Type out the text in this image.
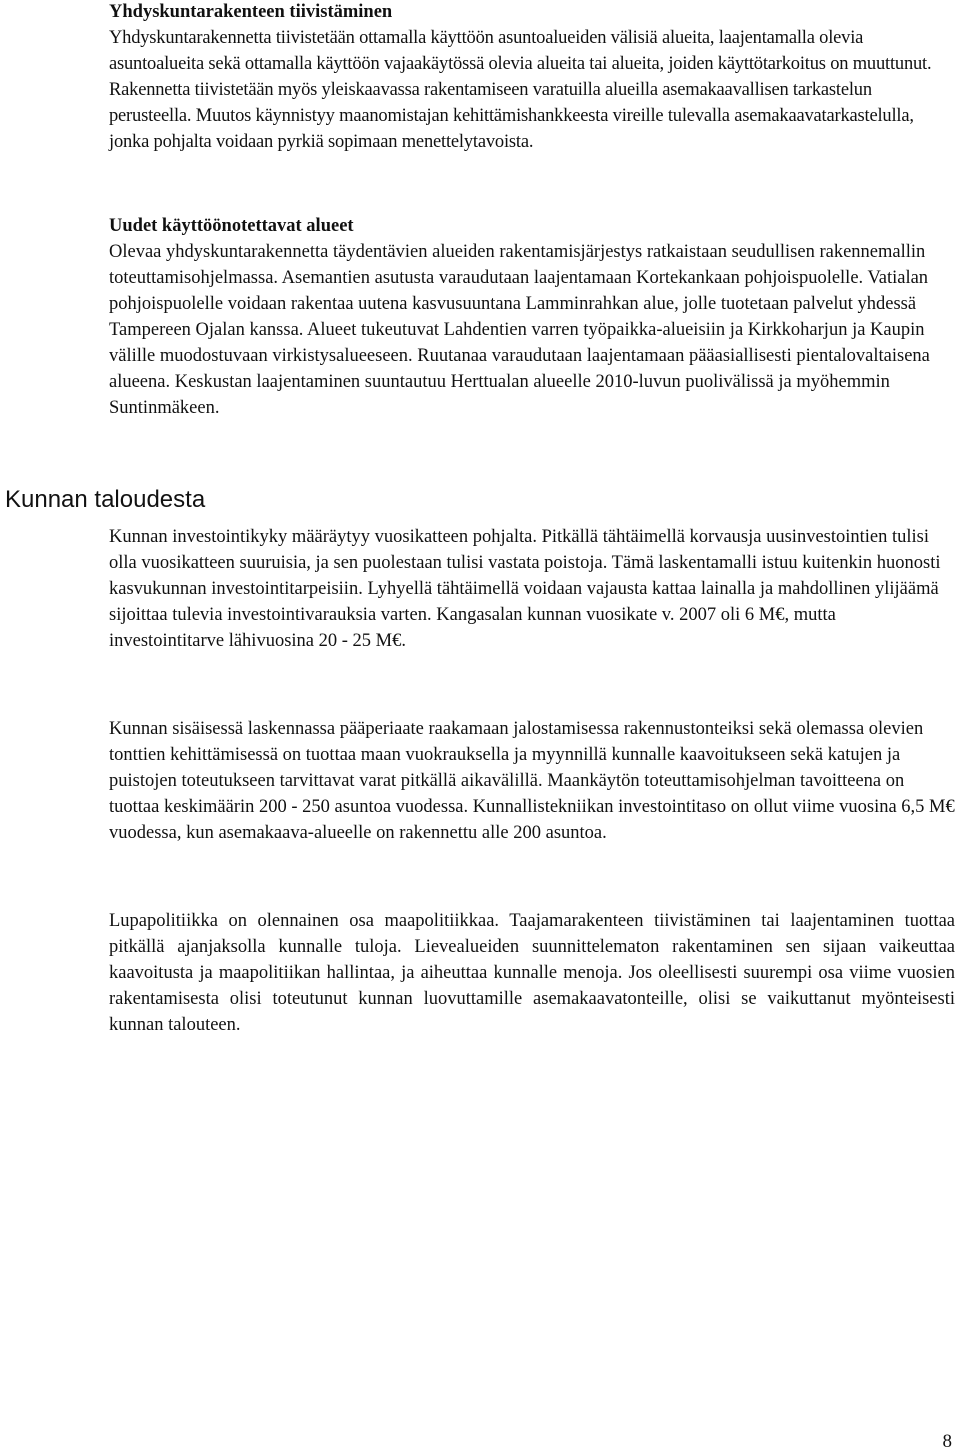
Yhdyskuntarakenteen tiivistäminen

Yhdyskuntarakennetta tiivistetään ottamalla käyttöön asuntoalueiden välisiä alueita, laajentamalla olevia asuntoalueita sekä ottamalla käyttöön vajaakäytössä olevia alueita tai alueita, joiden käyttötarkoitus on muuttunut. Rakennetta tiivistetään myös yleiskaavassa rakentamiseen varatuilla alueilla asemakaavallisen tarkastelun perusteella. Muutos käynnistyy maanomistajan kehittämishankkeesta vireille tulevalla asemakaavatarkastelulla, jonka pohjalta voidaan pyrkiä sopimaan menettelytavoista.

Uudet käyttöönotettavat alueet

Olevaa yhdyskuntarakennetta täydentävien alueiden rakentamisjärjestys ratkaistaan seudullisen rakennemallin toteuttamisohjelmassa. Asemantien asutusta varaudutaan laajentamaan Kortekankaan pohjoispuolelle. Vatialan pohjoispuolelle voidaan rakentaa uutena kasvusuuntana Lamminrahkan alue, jolle tuotetaan palvelut yhdessä Tampereen Ojalan kanssa. Alueet tukeutuvat Lahdentien varren työpaikka-alueisiin ja Kirkkoharjun ja Kaupin välille muodostuvaan virkistysalueeseen. Ruutanaa varaudutaan laajentamaan pääasiallisesti pientalovaltaisena alueena. Keskustan laajentaminen suuntautuu Herttualan alueelle 2010-luvun puolivälissä ja myöhemmin Suntinmäkeen.

Kunnan taloudesta

Kunnan investointikyky määräytyy vuosikatteen pohjalta. Pitkällä tähtäimellä korvausja uusinvestointien tulisi olla vuosikatteen suuruisia, ja sen puolestaan tulisi vastata poistoja. Tämä laskentamalli istuu kuitenkin huonosti kasvukunnan investointitarpeisiin. Lyhyellä tähtäimellä voidaan vajausta kattaa lainalla ja mahdollinen ylijäämä sijoittaa tulevia investointivarauksia varten. Kangasalan kunnan vuosikate v. 2007 oli 6 M€, mutta investointitarve lähivuosina 20 - 25 M€.

Kunnan sisäisessä laskennassa pääperiaate raakamaan jalostamisessa rakennustonteiksi sekä olemassa olevien tonttien kehittämisessä on tuottaa maan vuokrauksella ja myynnillä kunnalle kaavoitukseen sekä katujen ja puistojen toteutukseen tarvittavat varat pitkällä aikavälillä. Maankäytön toteuttamisohjelman tavoitteena on tuottaa keskimäärin 200 - 250 asuntoa vuodessa. Kunnallistekniikan investointitaso on ollut viime vuosina 6,5 M€ vuodessa, kun asemakaava-alueelle on rakennettu alle 200 asuntoa.

Lupapolitiikka on olennainen osa maapolitiikkaa. Taajamarakenteen tiivistäminen tai laajentaminen tuottaa pitkällä ajanjaksolla kunnalle tuloja. Lievealueiden suunnittelematon rakentaminen sen sijaan vaikeuttaa kaavoitusta ja maapolitiikan hallintaa, ja aiheuttaa kunnalle menoja. Jos oleellisesti suurempi osa viime vuosien rakentamisesta olisi toteutunut kunnan luovuttamille asemakaavatonteille, olisi se vaikuttanut myönteisesti kunnan talouteen.

8
